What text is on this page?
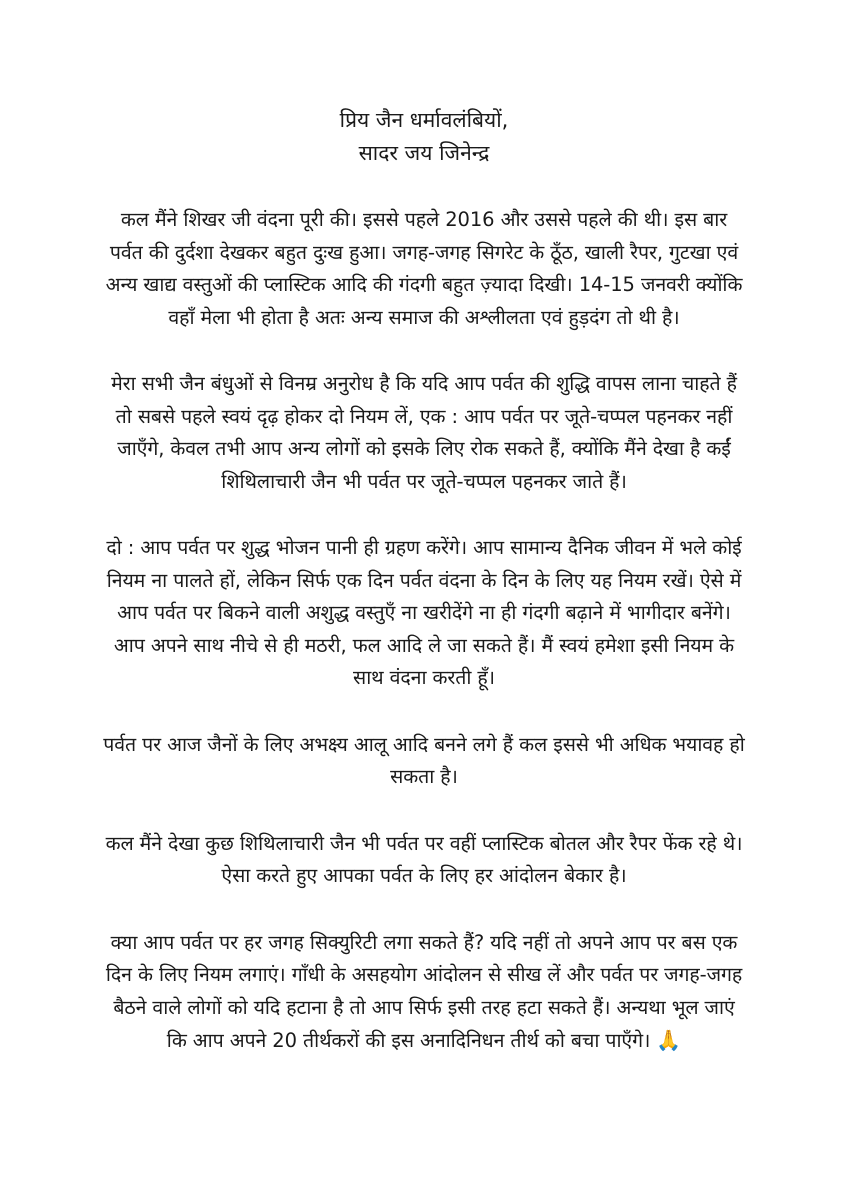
प्रिय जैन धर्मावलंबियों,
सादर जय जिनेन्द्र
कल मैंने शिखर जी वंदना पूरी की। इससे पहले 2016 और उससे पहले की थी। इस बार
पर्वत की दुर्दशा देखकर बहुत दुःख हुआ। जगह-जगह सिगरेट के ठूँठ, खाली रैपर, गुटखा एवं
अन्य खाद्य वस्तुओं की प्लास्टिक आदि की गंदगी बहुत ज़्यादा दिखी। 14-15 जनवरी क्योंकि
वहाँ मेला भी होता है अतः अन्य समाज की अश्लीलता एवं हुड़दंग तो थी है।
मेरा सभी जैन बंधुओं से विनम्र अनुरोध है कि यदि आप पर्वत की शुद्धि वापस लाना चाहते हैं
तो सबसे पहले स्वयं दृढ़ होकर दो नियम लें, एक : आप पर्वत पर जूते-चप्पल पहनकर नहीं
जाएँगे, केवल तभी आप अन्य लोगों को इसके लिए रोक सकते हैं, क्योंकि मैंने देखा है कईं
शिथिलाचारी जैन भी पर्वत पर जूते-चप्पल पहनकर जाते हैं।
दो : आप पर्वत पर शुद्ध भोजन पानी ही ग्रहण करेंगे। आप सामान्य दैनिक जीवन में भले कोई
नियम ना पालते हों, लेकिन सिर्फ एक दिन पर्वत वंदना के दिन के लिए यह नियम रखें। ऐसे में
आप पर्वत पर बिकने वाली अशुद्ध वस्तुएँ ना खरीदेंगे ना ही गंदगी बढ़ाने में भागीदार बनेंगे।
आप अपने साथ नीचे से ही मठरी, फल आदि ले जा सकते हैं। मैं स्वयं हमेशा इसी नियम के
साथ वंदना करती हूँ।
पर्वत पर आज जैनों के लिए अभक्ष्य आलू आदि बनने लगे हैं कल इससे भी अधिक भयावह हो
सकता है।
कल मैंने देखा कुछ शिथिलाचारी जैन भी पर्वत पर वहीं प्लास्टिक बोतल और रैपर फेंक रहे थे।
ऐसा करते हुए आपका पर्वत के लिए हर आंदोलन बेकार है।
क्या आप पर्वत पर हर जगह सिक्युरिटी लगा सकते हैं? यदि नहीं तो अपने आप पर बस एक
दिन के लिए नियम लगाएं। गाँधी के असहयोग आंदोलन से सीख लें और पर्वत पर जगह-जगह
बैठने वाले लोगों को यदि हटाना है तो आप सिर्फ इसी तरह हटा सकते हैं। अन्यथा भूल जाएं
कि आप अपने 20 तीर्थकरों की इस अनादिनिधन तीर्थ को बचा पाएँगे। 🙏
